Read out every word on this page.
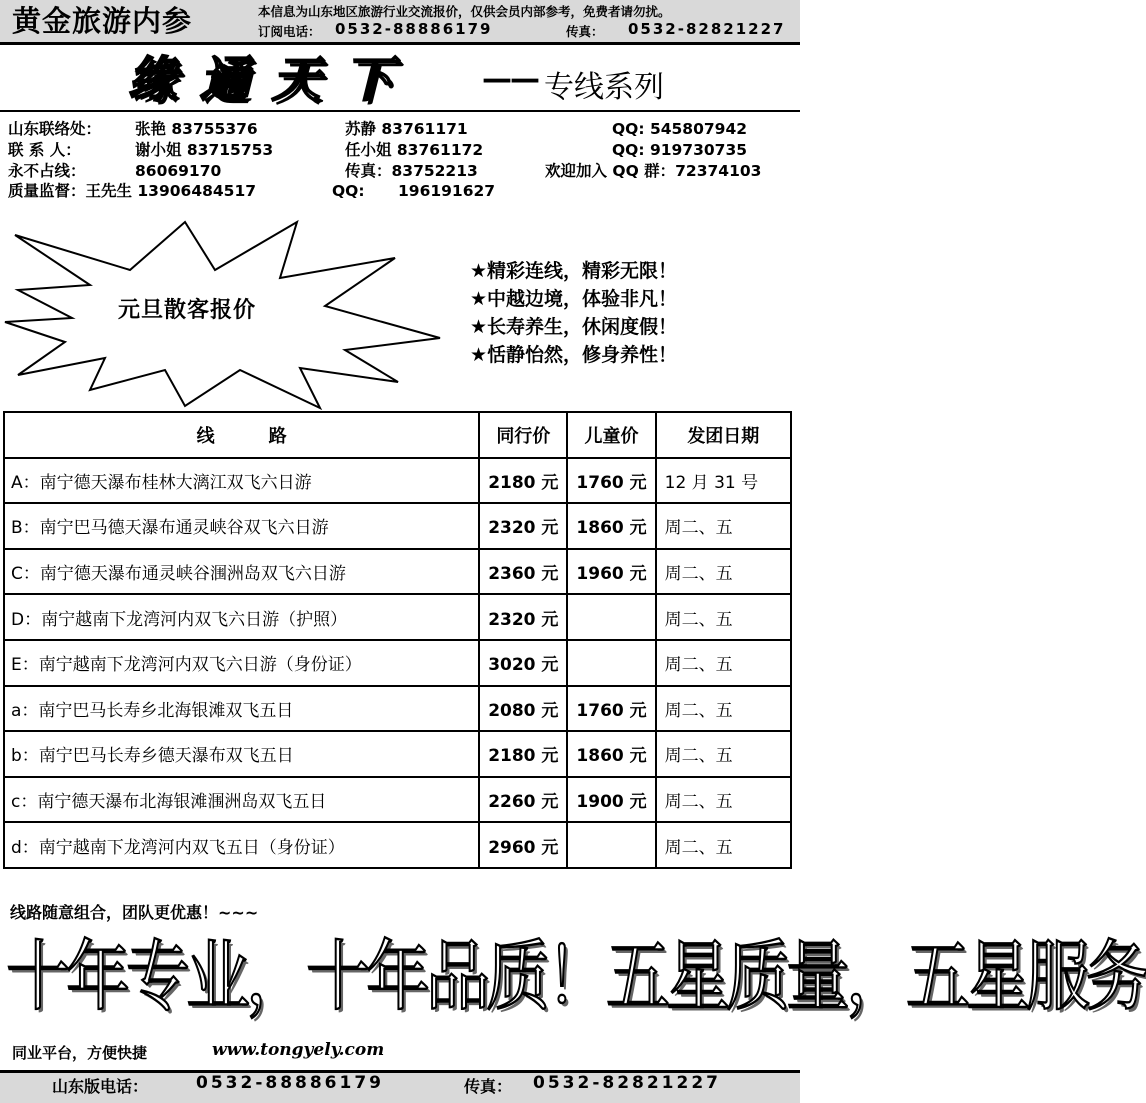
黄金旅游内参	本信息为山东地区旅游行业交流报价，仅供会员内部参考，免费者请勿扰。
订阅电话： 0532-88886179	传真： 0532-82821227
缘通天下 —— 专线系列
山东联络处： 张艳 83755376	苏静 83761171	QQ: 545807942
联 系 人：	谢小姐 83715753	任小姐 83761172	QQ: 919730735
永不占线：	86069170	传真：83752213	欢迎加入 QQ 群：72374103
质量监督：王先生 13906484517	QQ: 196191627
元旦散客报价
★精彩连线，精彩无限！
★中越边境，体验非凡！
★长寿养生，休闲度假！
★恬静怡然，修身养性！
线　　　路	同行价	儿童价	发团日期
A：南宁德天瀑布桂林大漓江双飞六日游	2180 元	1760 元	12 月 31 号
B：南宁巴马德天瀑布通灵峡谷双飞六日游	2320 元	1860 元	周二、五
C：南宁德天瀑布通灵峡谷涠洲岛双飞六日游	2360 元	1960 元	周二、五
D：南宁越南下龙湾河内双飞六日游（护照）	2320 元		周二、五
E：南宁越南下龙湾河内双飞六日游（身份证）	3020 元		周二、五
a：南宁巴马长寿乡北海银滩双飞五日	2080 元	1760 元	周二、五
b：南宁巴马长寿乡德天瀑布双飞五日	2180 元	1860 元	周二、五
c：南宁德天瀑布北海银滩涠洲岛双飞五日	2260 元	1900 元	周二、五
d：南宁越南下龙湾河内双飞五日（身份证）	2960 元		周二、五
线路随意组合，团队更优惠！~~~
十年专业，十年品质！五星质量，五星服务
同业平台，方便快捷	www.tongyely.com
山东版电话：	0532-88886179	传真： 0532-82821227
